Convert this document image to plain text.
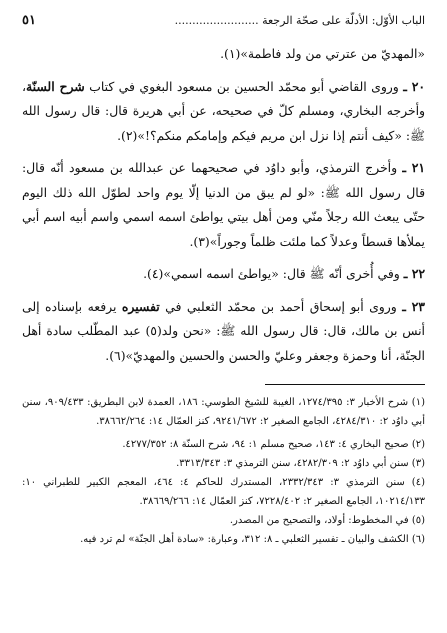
الباب الأوّل: الأدلّة على صحّة الرجعة ........................
٥١

«المهديّ من عترتي من ولد فاطمة»(١).

٢٠ ـ وروى القاضي أبو محمّد الحسين بن مسعود البغوي في كتاب شرح السنّة، وأخرجه البخاري، ومسلم كلّ في صحيحه، عن أبي هريرة قال: قال رسول الله ﷺ: «كيف أنتم إذا نزل ابن مريم فيكم وإمامكم منكم؟!»(٢).

٢١ ـ وأخرج الترمذي، وأبو داوُد في صحيحهما عن عبدالله بن مسعود أنّه قال: قال رسول الله ﷺ: «لو لم يبق من الدنيا إلّا يوم واحد لطوّل الله ذلك اليوم حتّى يبعث الله رجلاً منّي ومن أهل بيتي يواطئ اسمه اسمي واسم أبيه اسم أبي يملأها قسطاً وعدلاً كما ملئت ظلماً وجوراً»(٣).

٢٢ ـ وفي أُخرى أنّه ﷺ قال: «يواطئ اسمه اسمي»(٤).

٢٣ ـ وروى أبو إسحاق أحمد بن محمّد الثعلبي في تفسيره يرفعه بإسناده إلى أنس بن مالك، قال: قال رسول الله ﷺ: «نحن ولد(٥) عبد المطّلب سادة أهل الجنّة، أنا وحمزة وجعفر وعليّ والحسن والحسين والمهديّ»(٦).

(١) شرح الأخبار ٣: ١٢٧٤/٣٩٥، الغيبة للشيخ الطوسي: ١٨٦، العمدة لابن البطريق: ٩٠٩/٤٣٣، سنن أبي داوُد ٢: ٤٢٨٤/٣١٠، الجامع الصغير ٢: ٩٢٤١/٦٧٢، كنز العمّال ١٤: ٣٨٦٦٢/٢٦٤.

(٢) صحيح البخاري ٤: ١٤٣، صحيح مسلم ١: ٩٤، شرح السنّة ٨: ٤٢٧٧/٣٥٢.

(٣) سنن أبي داوُد ٢: ٤٢٨٢/٣٠٩، سنن الترمذي ٣: ٣٣١٣/٣٤٣.

(٤) سنن الترمذي ٣: ٢٣٣٢/٣٤٣، المستدرك للحاكم ٤: ٤٦٤، المعجم الكبير للطبراني ١٠: ١٠٢١٤/١٣٣، الجامع الصغير ٢: ٧٢٢٨/٤٠٢، كنز العمّال ١٤: ٣٨٦٦٩/٢٦٦.

(٥) في المخطوط: أولاد، والتصحيح من المصدر.

(٦) الكشف والبيان ـ تفسير الثعلبي ـ ٨: ٣١٢، وعبارة: «سادة أهل الجنّة» لم ترد فيه.
